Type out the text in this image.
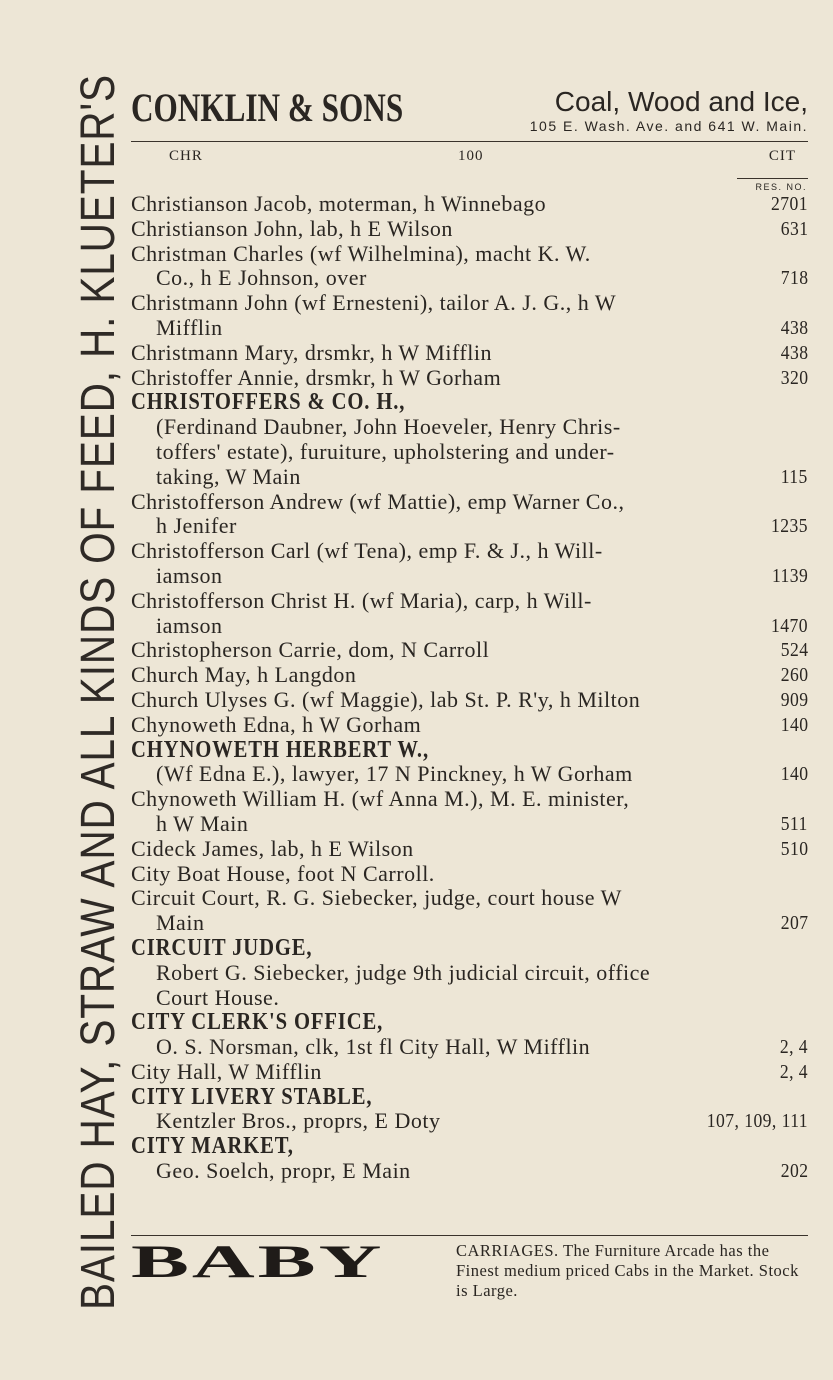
BAILED HAY, STRAW AND ALL KINDS OF FEED, H. KLUETER'S CONKLIN & SONS	Coal, Wood and Ice,
105 E. Wash. Ave. and 641 W. Main.
CHR	100	CIT
RES. NO.
Christianson Jacob, moterman, h Winnebago	2701
Christianson John, lab, h E Wilson	631
Christman Charles (wf Wilhelmina), macht K. W.
Co., h E Johnson, over	718
Christmann John (wf Ernesteni), tailor A. J. G., h W
Mifflin	438
Christmann Mary, drsmkr, h W Mifflin	438
Christoffer Annie, drsmkr, h W Gorham	320
CHRISTOFFERS & CO. H.,
(Ferdinand Daubner, John Hoeveler, Henry Chris-
toffers' estate), furuiture, upholstering and under-
taking, W Main	115
Christofferson Andrew (wf Mattie), emp Warner Co.,
h Jenifer	1235
Christofferson Carl (wf Tena), emp F. & J., h Will-
iamson	1139
Christofferson Christ H. (wf Maria), carp, h Will-
iamson	1470
Christopherson Carrie, dom, N Carroll	524
Church May, h Langdon	260
Church Ulyses G. (wf Maggie), lab St. P. R'y, h Milton	909
Chynoweth Edna, h W Gorham	140
CHYNOWETH HERBERT W.,
(Wf Edna E.), lawyer, 17 N Pinckney, h W Gorham	140
Chynoweth William H. (wf Anna M.), M. E. minister,
h W Main	511
Cideck James, lab, h E Wilson	510
City Boat House, foot N Carroll.
Circuit Court, R. G. Siebecker, judge, court house W
Main	207
CIRCUIT JUDGE,
Robert G. Siebecker, judge 9th judicial circuit, office
Court House.
CITY CLERK'S OFFICE,
O. S. Norsman, clk, 1st fl City Hall, W Mifflin	2, 4
City Hall, W Mifflin	2, 4
CITY LIVERY STABLE,
Kentzler Bros., proprs, E Doty	107, 109, 111
CITY MARKET,
Geo. Soelch, propr, E Main	202
BABY	CARRIAGES. The Furniture Arcade has the Finest medium priced Cabs in the Market. Stock is Large.
